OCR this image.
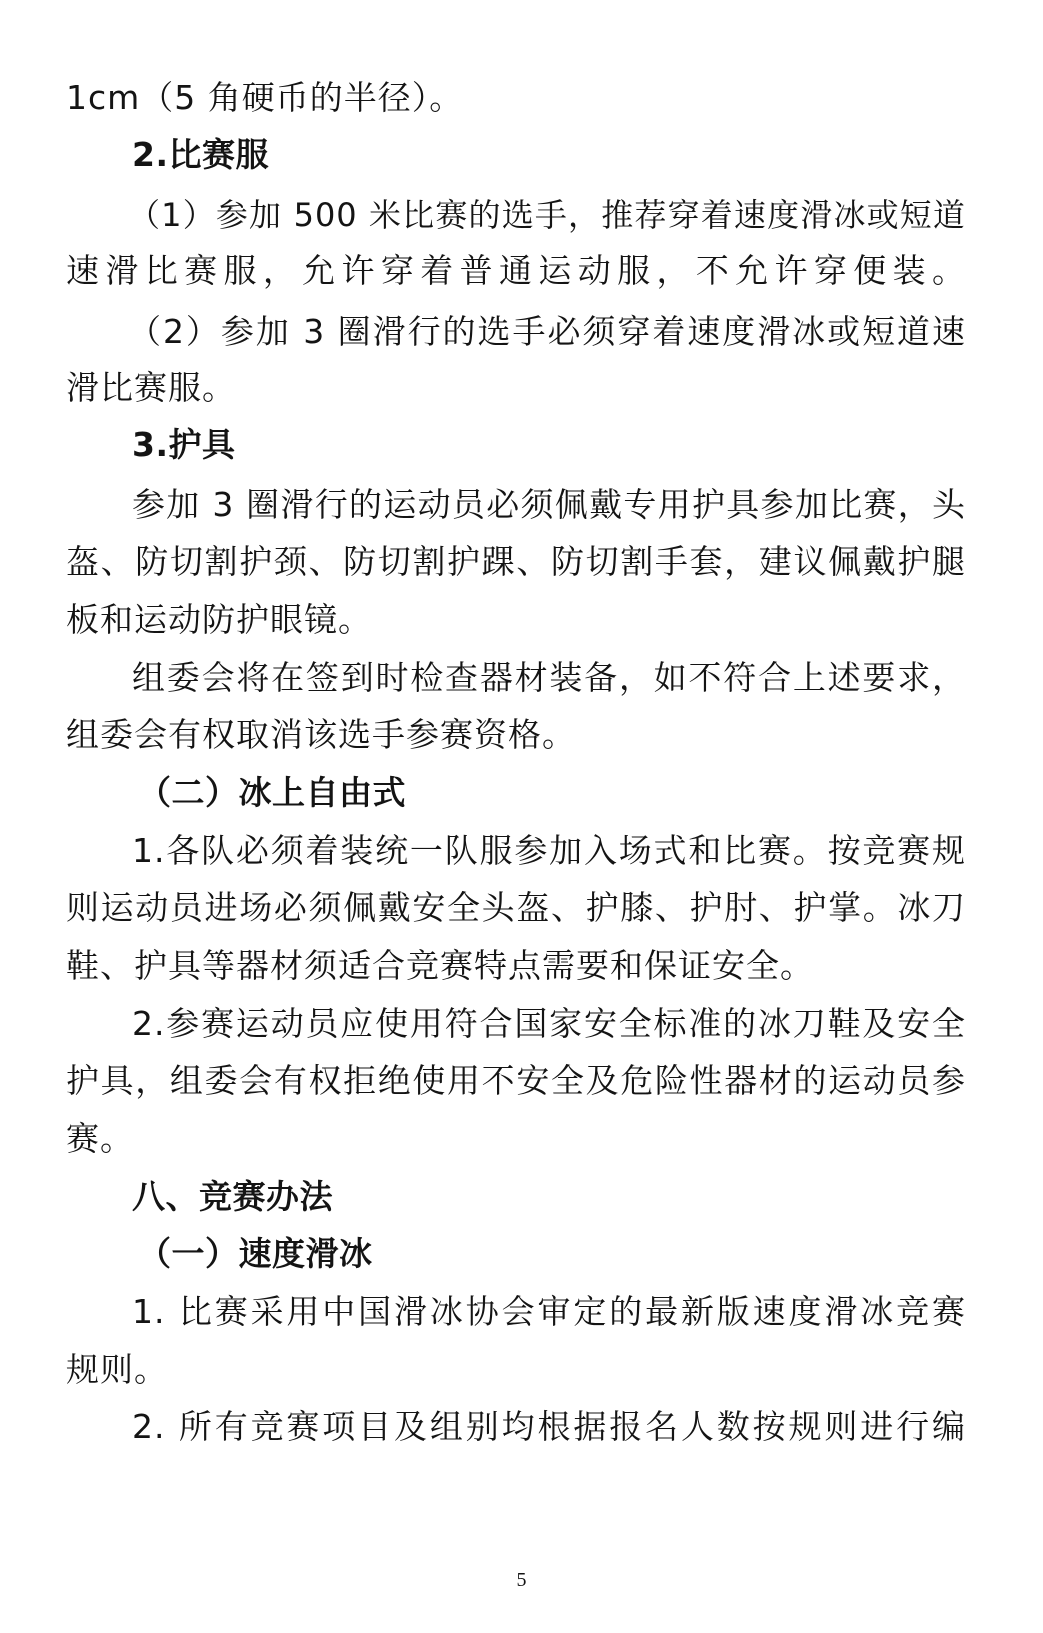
1cm（5 角硬币的半径）。
2.比赛服
（1）参加 500 米比赛的选手，推荐穿着速度滑冰或短道
速滑比赛服，允许穿着普通运动服，不允许穿便装。
（2）参加 3 圈滑行的选手必须穿着速度滑冰或短道速
滑比赛服。
3.护具
参加 3 圈滑行的运动员必须佩戴专用护具参加比赛，头
盔、防切割护颈、防切割护踝、防切割手套，建议佩戴护腿
板和运动防护眼镜。
组委会将在签到时检查器材装备，如不符合上述要求，
组委会有权取消该选手参赛资格。
（二）冰上自由式
1.各队必须着装统一队服参加入场式和比赛。按竞赛规
则运动员进场必须佩戴安全头盔、护膝、护肘、护掌。冰刀
鞋、护具等器材须适合竞赛特点需要和保证安全。
2.参赛运动员应使用符合国家安全标准的冰刀鞋及安全
护具，组委会有权拒绝使用不安全及危险性器材的运动员参
赛。
八、竞赛办法
（一）速度滑冰
1. 比赛采用中国滑冰协会审定的最新版速度滑冰竞赛
规则。
2. 所有竞赛项目及组别均根据报名人数按规则进行编
5
